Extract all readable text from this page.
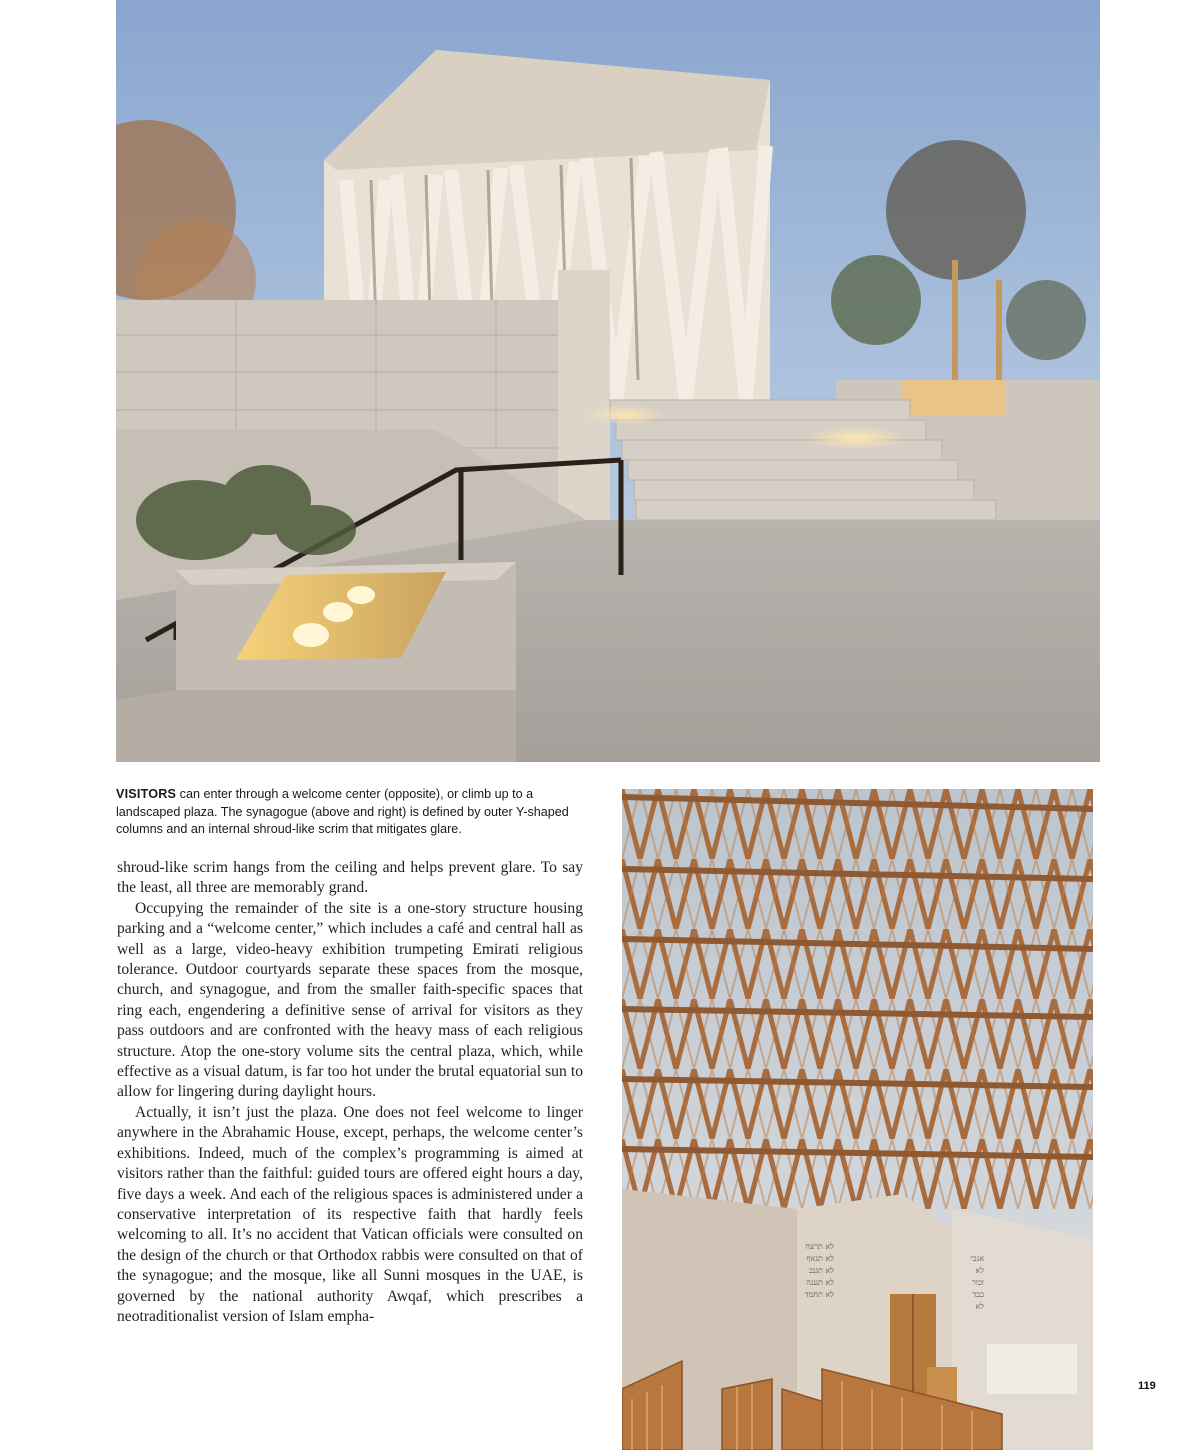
VISITORS can enter through a welcome center (opposite), or climb up to a landscaped plaza. The synagogue (above and right) is defined by outer Y-shaped columns and an internal shroud-like scrim that mitigates glare.

shroud-like scrim hangs from the ceiling and helps prevent glare. To say the least, all three are memorably grand.

Occupying the remainder of the site is a one-story structure housing parking and a “welcome center,” which includes a café and central hall as well as a large, video-heavy exhibition trumpeting Emirati religious tolerance. Outdoor courtyards separate these spaces from the mosque, church, and synagogue, and from the smaller faith-specific spaces that ring each, engendering a definitive sense of arrival for visitors as they pass outdoors and are confronted with the heavy mass of each religious structure. Atop the one-story volume sits the central plaza, which, while effective as a visual datum, is far too hot under the brutal equatorial sun to allow for lingering during daylight hours.

Actually, it isn’t just the plaza. One does not feel welcome to linger anywhere in the Abrahamic House, except, perhaps, the welcome center’s exhibitions. Indeed, much of the complex’s programming is aimed at visitors rather than the faithful: guided tours are offered eight hours a day, five days a week. And each of the religious spaces is administered under a conservative interpretation of its respective faith that hardly feels welcoming to all. It’s no accident that Vatican officials were consulted on the design of the church or that Orthodox rabbis were consulted on that of the synagogue; and the mosque, like all Sunni mosques in the UAE, is governed by the national authority Awqaf, which prescribes a neotraditionalist version of Islam empha-

לא תרצח
לא תנאף
לא תגנב
לא תענה
לא תחמד
אנכי
לא
זכור
כבד
לא
119
